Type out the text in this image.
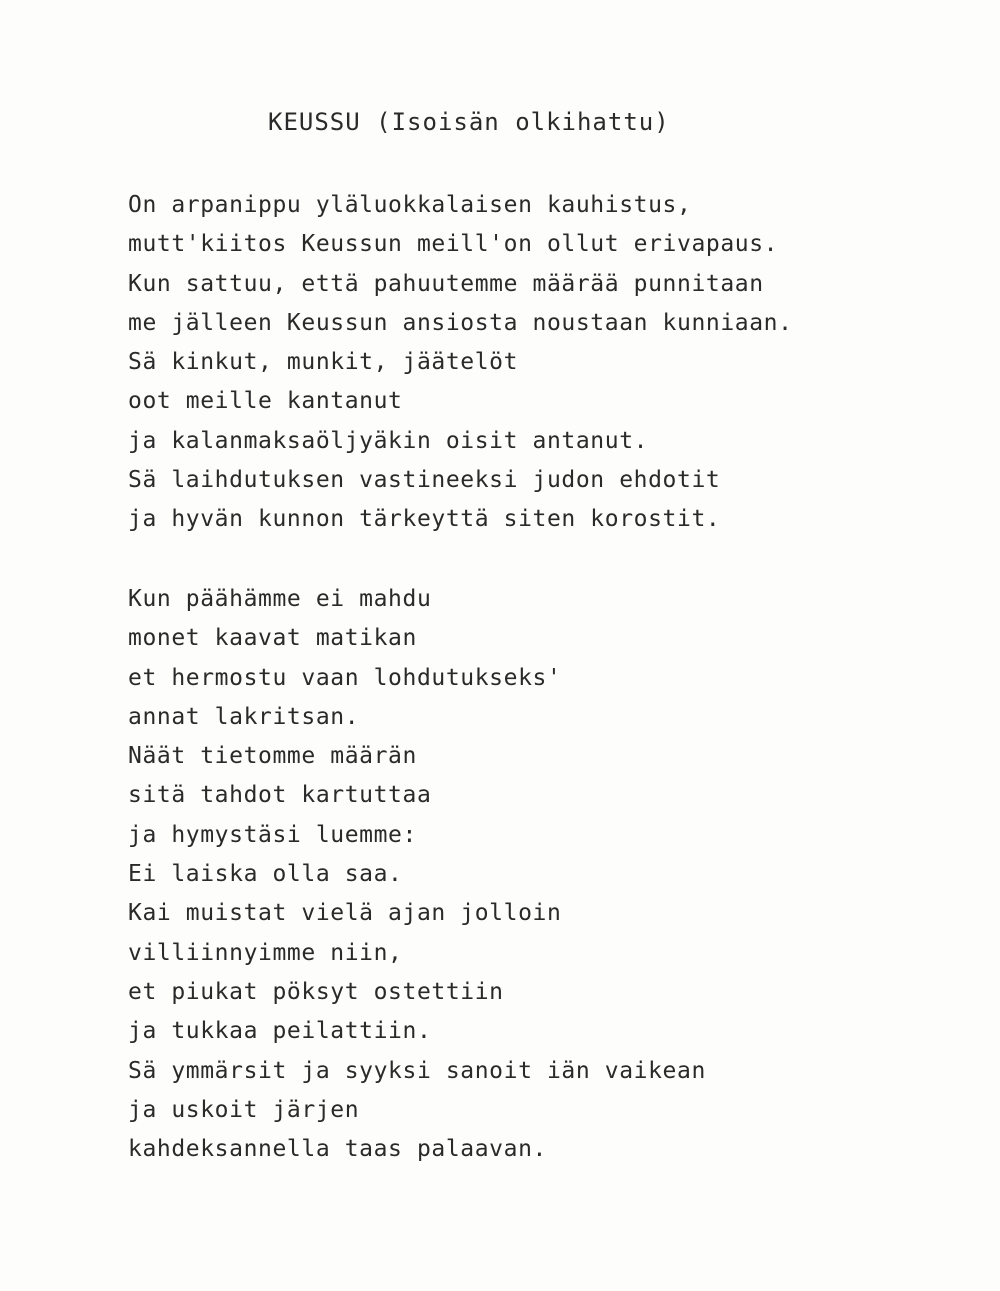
KEUSSU (Isoisän olkihattu)
On arpanippu yläluokkalaisen kauhistus,
mutt'kiitos Keussun meill'on ollut erivapaus.
Kun sattuu, että pahuutemme määrää punnitaan
me jälleen Keussun ansiosta noustaan kunniaan.
Sä kinkut, munkit, jäätelöt
oot meille kantanut
ja kalanmaksaöljyäkin oisit antanut.
Sä laihdutuksen vastineeksi judon ehdotit
ja hyvän kunnon tärkeyttä siten korostit.
Kun päähämme ei mahdu
monet kaavat matikan
et hermostu vaan lohdutukseks'
annat lakritsan.
Näät tietomme määrän
sitä tahdot kartuttaa
ja hymystäsi luemme:
Ei laiska olla saa.
Kai muistat vielä ajan jolloin
villiinnyimme niin,
et piukat pöksyt ostettiin
ja tukkaa peilattiin.
Sä ymmärsit ja syyksi sanoit iän vaikean
ja uskoit järjen
kahdeksannella taas palaavan.
